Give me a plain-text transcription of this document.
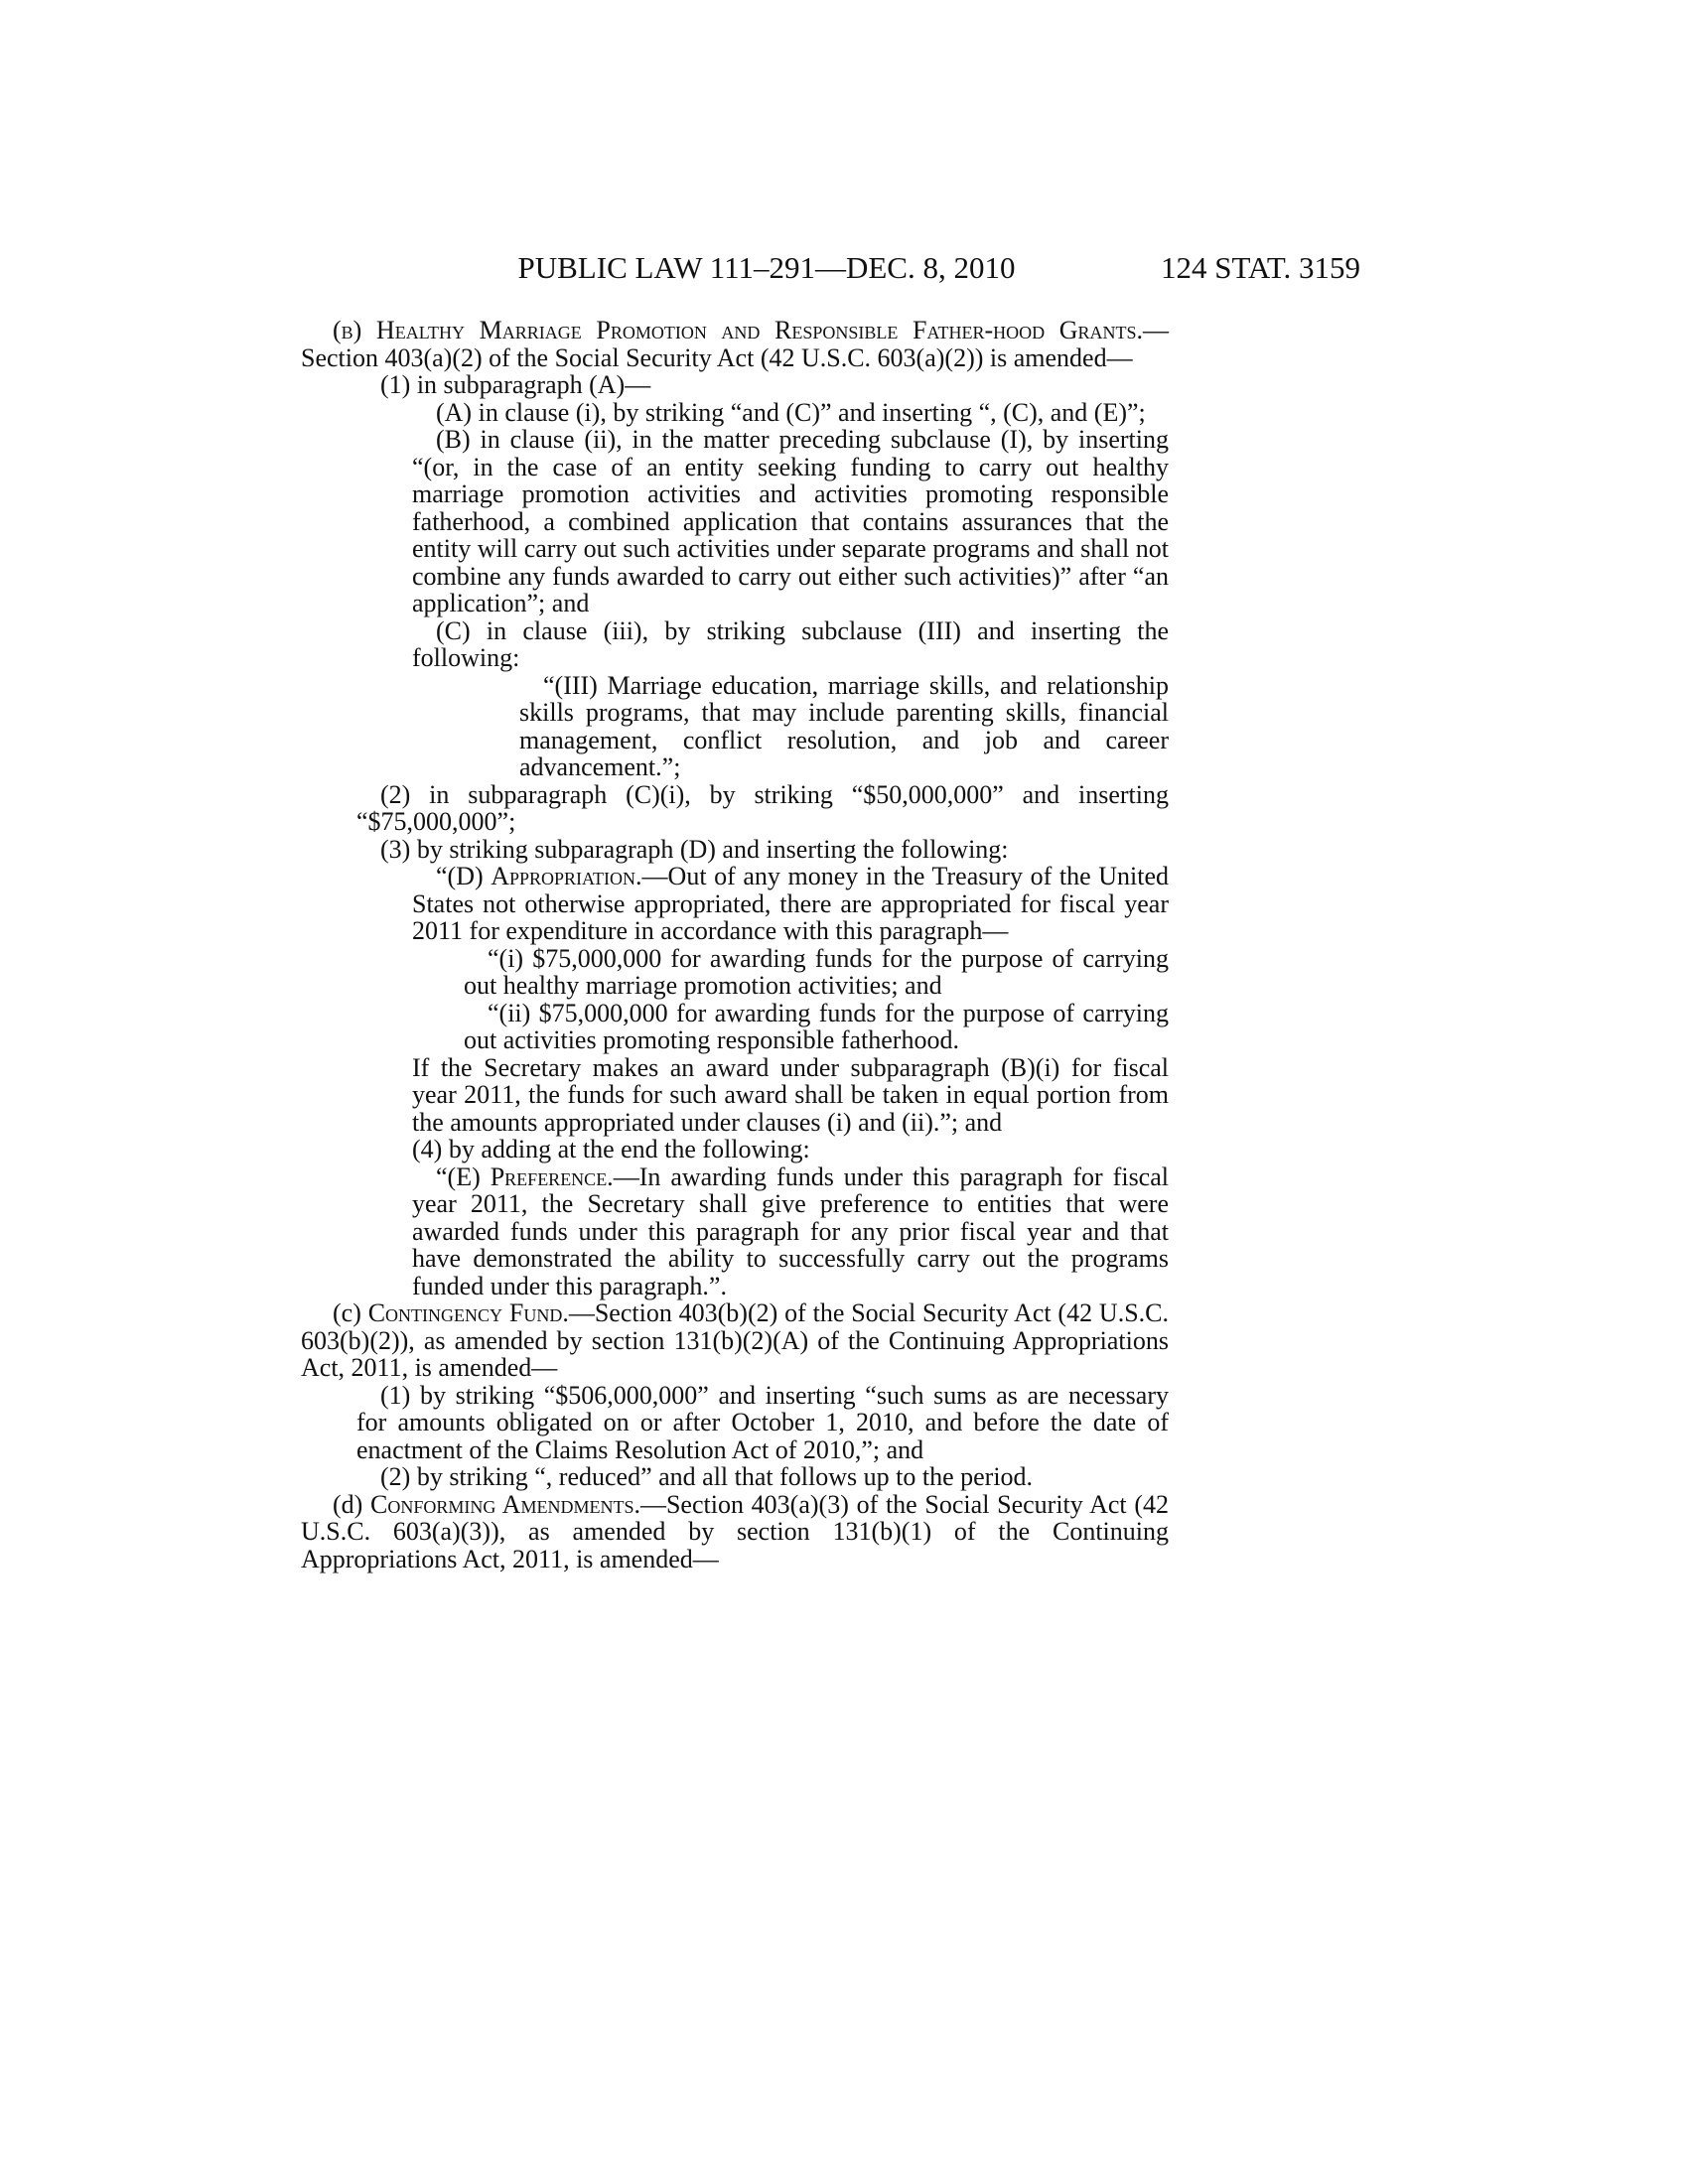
PUBLIC LAW 111–291—DEC. 8, 2010	124 STAT. 3159

(b) Healthy Marriage Promotion and Responsible Father-hood Grants.—Section 403(a)(2) of the Social Security Act (42 U.S.C. 603(a)(2)) is amended—

(1) in subparagraph (A)—

(A) in clause (i), by striking “and (C)” and inserting “, (C), and (E)”;

(B) in clause (ii), in the matter preceding subclause (I), by inserting “(or, in the case of an entity seeking funding to carry out healthy marriage promotion activities and activities promoting responsible fatherhood, a combined application that contains assurances that the entity will carry out such activities under separate programs and shall not combine any funds awarded to carry out either such activities)” after “an application”; and

(C) in clause (iii), by striking subclause (III) and inserting the following:

“(III) Marriage education, marriage skills, and relationship skills programs, that may include parenting skills, financial management, conflict resolution, and job and career advancement.”;

(2) in subparagraph (C)(i), by striking “$50,000,000” and inserting “$75,000,000”;

(3) by striking subparagraph (D) and inserting the following:

“(D) Appropriation.—Out of any money in the Treasury of the United States not otherwise appropriated, there are appropriated for fiscal year 2011 for expenditure in accordance with this paragraph—

“(i) $75,000,000 for awarding funds for the purpose of carrying out healthy marriage promotion activities; and

“(ii) $75,000,000 for awarding funds for the purpose of carrying out activities promoting responsible fatherhood.

If the Secretary makes an award under subparagraph (B)(i) for fiscal year 2011, the funds for such award shall be taken in equal portion from the amounts appropriated under clauses (i) and (ii).”; and

(4) by adding at the end the following:

“(E) Preference.—In awarding funds under this paragraph for fiscal year 2011, the Secretary shall give preference to entities that were awarded funds under this paragraph for any prior fiscal year and that have demonstrated the ability to successfully carry out the programs funded under this paragraph.”.

(c) Contingency Fund.—Section 403(b)(2) of the Social Security Act (42 U.S.C. 603(b)(2)), as amended by section 131(b)(2)(A) of the Continuing Appropriations Act, 2011, is amended—

(1) by striking “$506,000,000” and inserting “such sums as are necessary for amounts obligated on or after October 1, 2010, and before the date of enactment of the Claims Resolution Act of 2010,”; and

(2) by striking “, reduced” and all that follows up to the period.

(d) Conforming Amendments.—Section 403(a)(3) of the Social Security Act (42 U.S.C. 603(a)(3)), as amended by section 131(b)(1) of the Continuing Appropriations Act, 2011, is amended—
